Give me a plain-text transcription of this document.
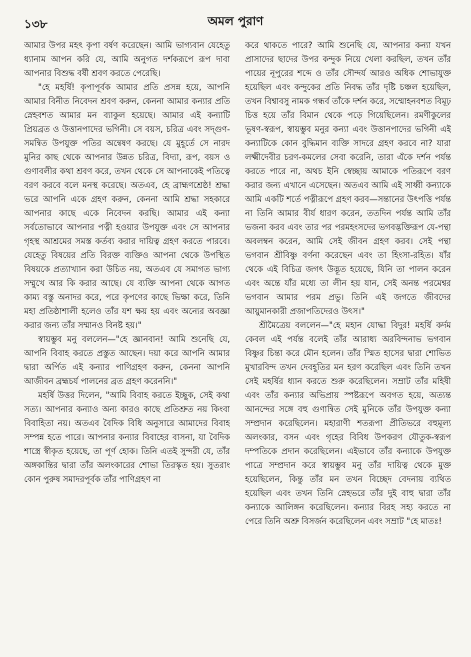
১৩৮	অমল পুরাণ

আমার উপর মহৎ কৃপা বর্ষণ করেছেন। আমি ভাগ্যবান যেহেতু ধ্যানাম আপন করি যে, আমি অনুগত দর্শকরূপে রূপ দাবা আপনার বিশুদ্ধ বর্ষী শ্রবণ করতে পেরেছি।

"হে মহর্ষি! কৃপাপূর্বক আমার প্রতি প্রসন্ন হয়ে, আপনি আমার বিনীত নিবেদন শ্রবণ করুন, কেননা আমার কন্যার প্রতি স্নেহবশত আমার মন ব্যাকুল হয়েছে। আমার এই কন্যাটি প্রিয়ব্রত ও উত্তানপাদের ভগিনী। সে বয়স, চরিত্র এবং সদ্গুণ-সমন্বিত উপযুক্ত পতির অন্বেষণ করছে। যে মুহূর্তে সে নারদ মুনির কাছ থেকে আপনার উন্নত চরিত্র, বিদ্যা, রূপ, বয়স ও গুণাবলীর কথা শ্রবণ করে, তখন থেকে সে আপনাকেই পতিত্বে বরণ করবে বলে মনস্থ করেছে। অতএব, হে ব্রাহ্মণশ্রেষ্ঠ! শ্রদ্ধা ভরে আপনি একে গ্রহণ করুন, কেননা আমি শ্রদ্ধা সহকারে আপনার কাছে একে নিবেদন করছি। আমার এই কন্যা সর্বতোভাবে আপনার পত্নী হওয়ার উপযুক্ত এবং সে আপনার গৃহস্থ আশ্রমের সমস্ত কর্তব্য করার দায়িত্ব গ্রহণ করতে পারবে। যেহেতু বিষয়ের প্রতি বিরক্ত ব্যক্তিও আপনা থেকে উপস্থিত বিষয়কে প্রত্যাখ্যান করা উচিত নয়, অতএব যে সমাগত ভাগ্য সম্মুখে আর কি করার আছে। যে ব্যক্তি আপনা থেকে আগত কাম্য বস্তু অনাদর করে, পরে কৃপণের কাছে ভিক্ষা করে, তিনি মহা প্রতিষ্ঠাশালী হলেও তাঁর যশ ক্ষয় হয় এবং অন্যের অবজ্ঞা করার জন্য তাঁর সম্মানও বিনষ্ট হয়।"

স্বায়ম্ভুব মনু বললেন—"হে জ্ঞানবান! আমি শুনেছি যে, আপনি বিবাহ করতে প্রস্তুত আছেন। দয়া করে আপনি আমার দ্বারা অর্পিত এই কন্যার পাণিগ্রহণ করুন, কেননা আপনি আজীবন ব্রহ্মচর্য পালনের ব্রত গ্রহণ করেননি।"

মহর্ষি উত্তর দিলেন, "আমি বিবাহ করতে ইচ্ছুক, সেই কথা সত্য। আপনার কন্যাও অন্য কারও কাছে প্রতিশ্রুত নয় কিংবা বিবাহিতা নয়। অতএব বৈদিক বিধি অনুসারে আমাদের বিবাহ সম্পন্ন হতে পারে। আপনার কন্যার বিবাহের বাসনা, যা বৈদিক শাস্ত্রে স্বীকৃত হয়েছে, তা পূর্ণ হোক। তিনি এতই সুন্দরী যে, তাঁর অঙ্গকান্তির দ্বারা তাঁর অলংকারের শোভা তিরস্কৃত হয়। সুতরাং কোন পুরুষ সমাদরপূর্বক তাঁর পাণিগ্রহণ না

করে থাকতে পারে? আমি শুনেছি যে, আপনার কন্যা যখন প্রাসাদের ছাদের উপর কন্দুক নিয়ে খেলা করছিল, তখন তাঁর পায়ের নূপুরের শব্দে ও তাঁর সৌন্দর্য আরও অধিক শোভাযুক্ত হয়েছিল এবং কন্দুকের প্রতি নিবদ্ধ তাঁর দৃষ্টি চঞ্চল হয়েছিল, তখন বিশ্বাবসু নামক গন্ধর্ব তাঁকে দর্শন করে, সম্মোহনবশত বিমূঢ় চিত্ত হয়ে তাঁর বিমান থেকে পড়ে গিয়েছিলেন। রমণীকুলের ভূষণ-স্বরূপ, স্বায়ম্ভুব মনুর কন্যা এবং উত্তানপাদের ভগিনী এই কন্যাটিকে কোন বুদ্ধিমান ব্যক্তি সাদরে গ্রহণ করবে না? যারা লক্ষ্মীদেবীর চরণ-কমলের সেবা করেনি, তারা এঁকে দর্শন পর্যন্ত করতে পারে না, অথচ ইনি স্বেচ্ছায় আমাকে পতিরূপে বরণ করার জন্য এখানে এসেছেন। অতএব আমি এই সাধ্বী কন্যাকে আমি একটি শর্তে পত্নীরূপে গ্রহণ করব—সন্তানের উৎপত্তি পর্যন্ত না তিনি আমার বীর্য ধারণ করেন, ততদিন পর্যন্ত আমি তাঁর ভজনা করব এবং তার পর পরমহংসদের ভগবদ্ভক্তিরূপ যে-পন্থা অবলম্বন করেন, আমি সেই জীবন গ্রহণ করব। সেই পন্থা ভগবান শ্রীবিষ্ণু বর্ণনা করেছেন এবং তা হিংসা-রহিত। যাঁর থেকে এই বিচিত্র জগৎ উদ্ভূত হয়েছে, যিনি তা পালন করেন এবং অন্তে যাঁর মধ্যে তা লীন হয় যান, সেই অনন্ত পরমেশ্বর ভগবান আমার পরম প্রভু। তিনি এই জগতে জীবদের আয়ুমানকারী প্রজাপতিদেরও উৎস।"

শ্রীমৈত্রেয় বললেন—"হে মহান যোদ্ধা বিদুর! মহর্ষি কর্দম কেবল এই পর্যন্ত বলেই তাঁর আরাধ্য অরবিন্দনাভ ভগবান বিষ্ণুর চিন্তা করে মৌন হলেন। তাঁর স্মিত হাসের দ্বারা শোভিত মুখারবিন্দ তখন দেবহূতির মন হরণ করেছিল এবং তিনি তখন সেই মহর্ষির ধ্যান করতে শুরু করেছিলেন। সম্রাট তাঁর মহিষী এবং তাঁর কন্যার অভিপ্রায় স্পষ্টরূপে অবগত হয়ে, অত্যন্ত আনন্দের সঙ্গে বহু গুণান্বিত সেই মুনিকে তাঁর উপযুক্ত কন্যা সম্প্রদান করেছিলেন। মহারাণী শতরূপা প্রীতিভরে বহুমূল্য অলংকার, বসন এবং গৃহের বিবিধ উপকরণ যৌতুক-স্বরূপ দম্পতিকে প্রদান করেছিলেন। এইভাবে তাঁর কন্যাকে উপযুক্ত পাত্রে সম্প্রদান করে স্বায়ম্ভুব মনু তাঁর দায়িত্ব থেকে মুক্ত হয়েছিলেন, কিন্তু তাঁর মন তখন বিচ্ছেদ বেদনায় ব্যথিত হয়েছিল এবং তখন তিনি স্নেহভরে তাঁর দুই বাহু দ্বারা তাঁর কন্যাকে আলিঙ্গন করেছিলেন। কন্যার বিরহ সহ্য করতে না পেরে তিনি অশ্রু বিসর্জন করেছিলেন এবং সম্রাট "হে মাতঃ!
